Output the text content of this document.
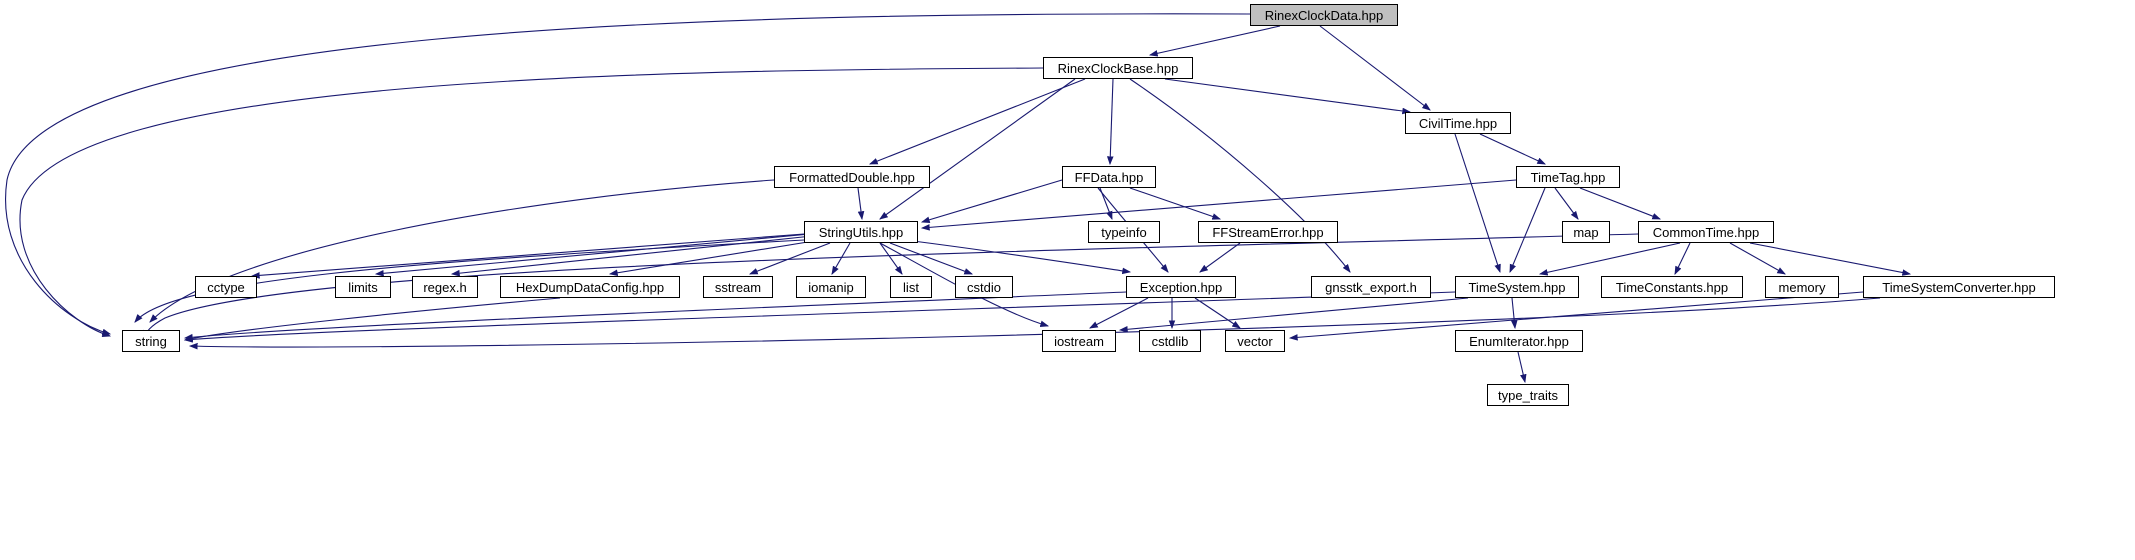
RinexClockData.hpp
RinexClockBase.hpp
CivilTime.hpp
FormattedDouble.hpp	FFData.hpp	TimeTag.hpp
StringUtils.hpp	typeinfo	FFStreamError.hpp	map	CommonTime.hpp
cctype	limits	regex.h	HexDumpDataConfig.hpp	sstream	iomanip	list	cstdio	Exception.hpp	gnsstk_export.h	TimeSystem.hpp	TimeConstants.hpp	memory	TimeSystemConverter.hpp
string	iostream	cstdlib	vector	EnumIterator.hpp
type_traits
